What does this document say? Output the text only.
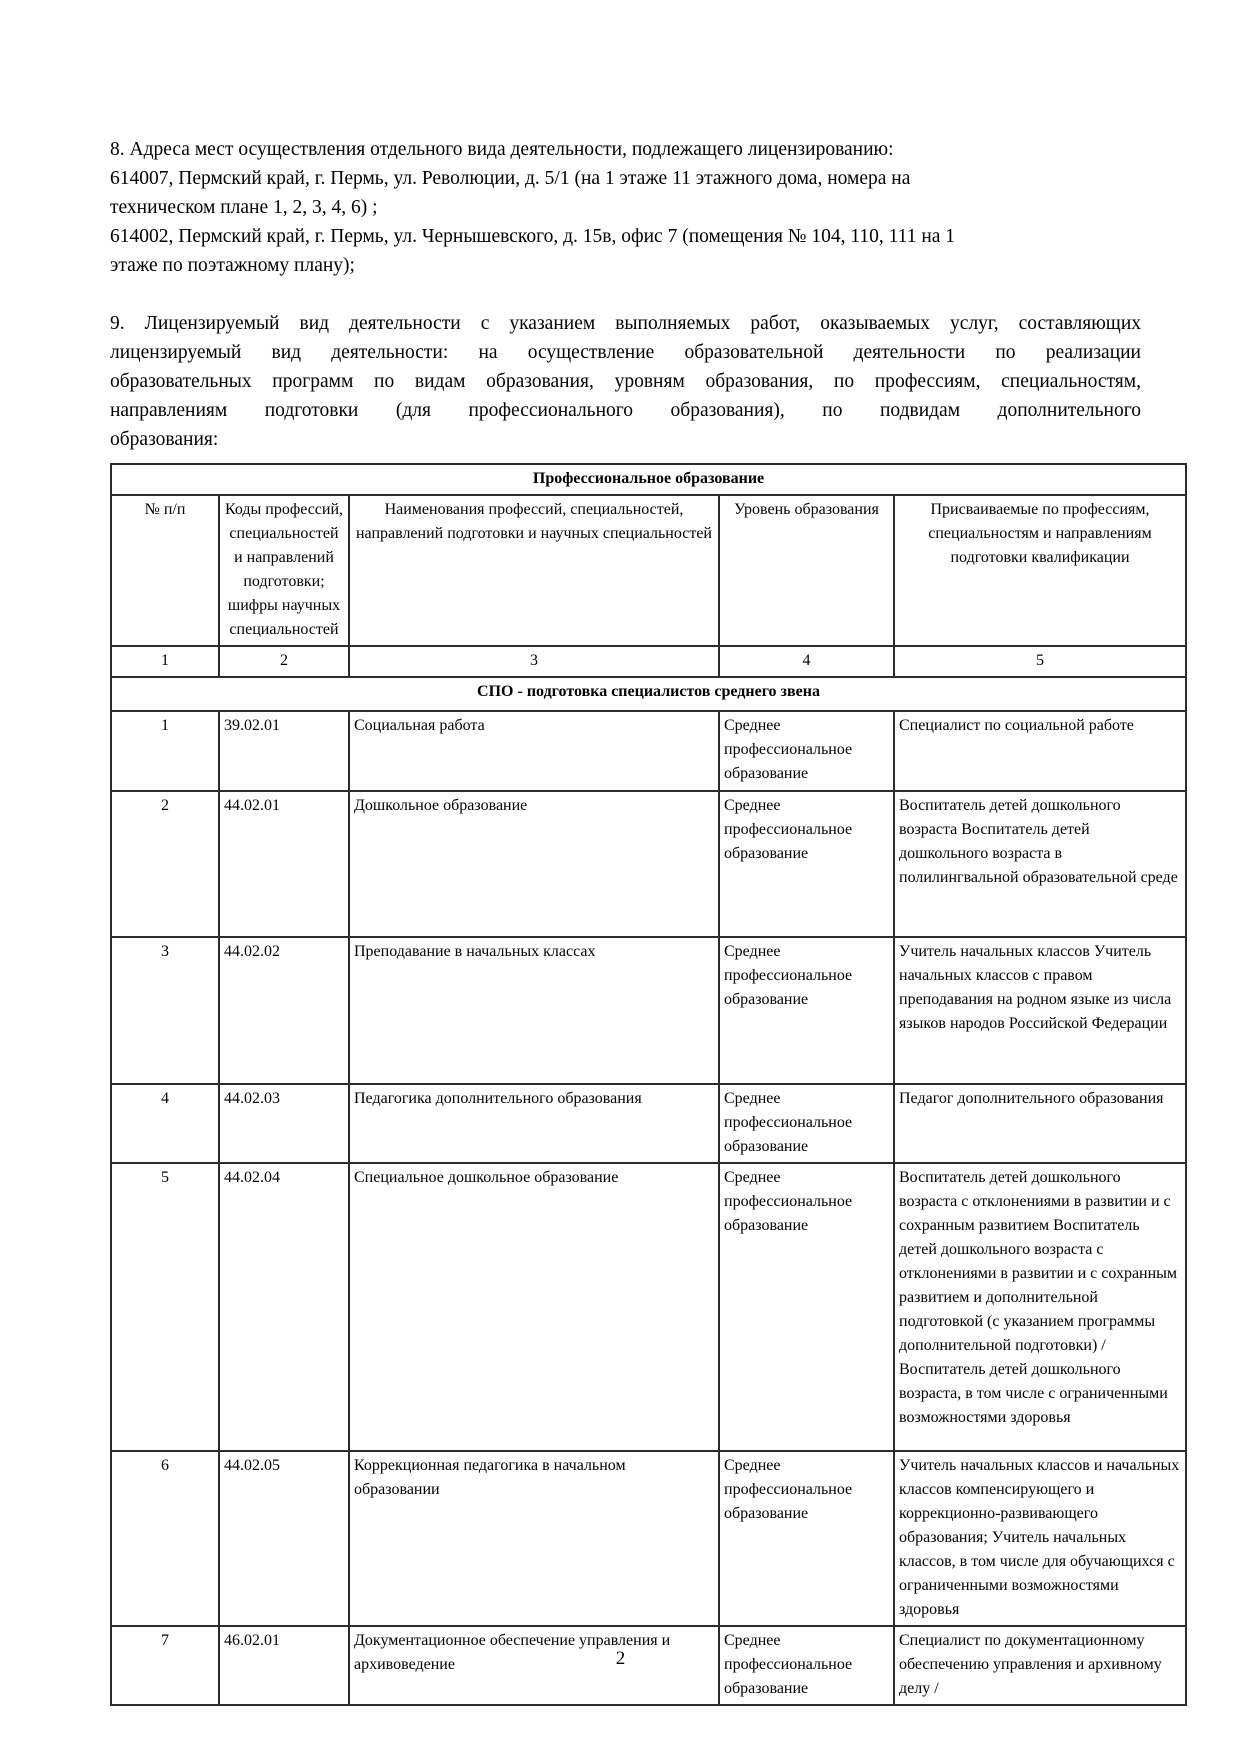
8. Адреса мест осуществления отдельного вида деятельности, подлежащего лицензированию:
614007, Пермский край, г. Пермь, ул. Революции, д. 5/1 (на 1 этаже 11 этажного дома, номера на
техническом плане 1, 2, 3, 4, 6) ;
614002, Пермский край, г. Пермь, ул. Чернышевского, д. 15в, офис 7 (помещения № 104, 110, 111 на 1
этаже по поэтажному плану);
9. Лицензируемый вид деятельности с указанием выполняемых работ, оказываемых услуг, составляющих
лицензируемый вид деятельности: на осуществление образовательной деятельности по реализации
образовательных программ по видам образования, уровням образования, по профессиям, специальностям,
направлениям подготовки (для профессионального образования), по подвидам дополнительного
образования:
Профессиональное образование				
№ п/п	Коды профессий, специальностей и направлений подготовки; шифры научных специальностей	Наименования профессий, специальностей, направлений подготовки и научных специальностей	Уровень образования	Присваиваемые по профессиям, специальностям и направлениям подготовки квалификации
1	2	3	4	5
СПО - подготовка специалистов среднего звена				
1	39.02.01	Социальная работа	Среднее профессиональное образование	Специалист по социальной работе
2	44.02.01	Дошкольное образование	Среднее профессиональное образование	Воспитатель детей дошкольного возраста Воспитатель детей дошкольного возраста в полилингвальной образовательной среде
3	44.02.02	Преподавание в начальных классах	Среднее профессиональное образование	Учитель начальных классов Учитель начальных классов с правом преподавания на родном языке из числа языков народов Российской Федерации
4	44.02.03	Педагогика дополнительного образования	Среднее профессиональное образование	Педагог дополнительного образования
5	44.02.04	Специальное дошкольное образование	Среднее профессиональное образование	Воспитатель детей дошкольного возраста с отклонениями в развитии и с сохранным развитием Воспитатель детей дошкольного возраста с отклонениями в развитии и с сохранным развитием и дополнительной подготовкой (с указанием программы дополнительной подготовки) / Воспитатель детей дошкольного возраста, в том числе с ограниченными возможностями здоровья
6	44.02.05	Коррекционная педагогика в начальном образовании	Среднее профессиональное образование	Учитель начальных классов и начальных классов компенсирующего и коррекционно-развивающего образования; Учитель начальных классов, в том числе для обучающихся с ограниченными возможностями здоровья
7	46.02.01	Документационное обеспечение управления и архивоведение	Среднее профессиональное образование	Специалист по документационному обеспечению управления и архивному делу /
2
